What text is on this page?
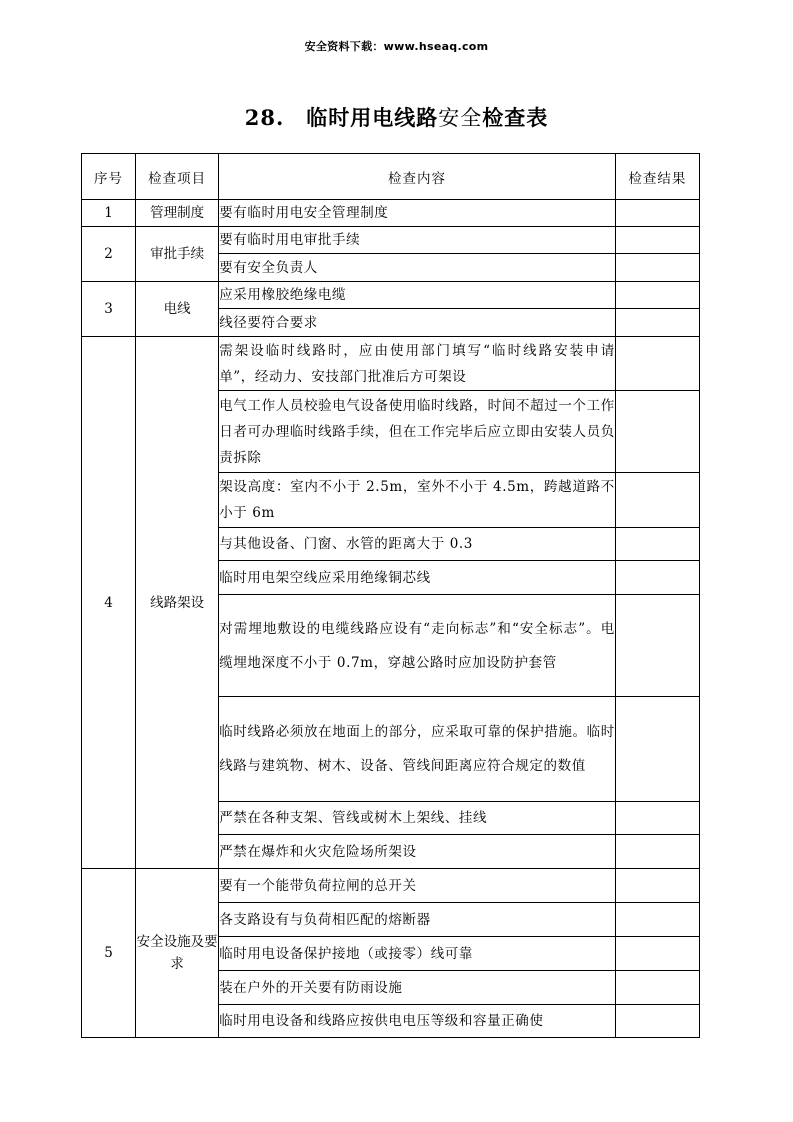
安全资料下载：www.hseaq.com
28. 临时用电线路安全检查表
序号	检查项目	检查内容	检查结果
1	管理制度	要有临时用电安全管理制度	
2	审批手续	要有临时用电审批手续	
		要有安全负责人	
3	电线	应采用橡胶绝缘电缆	
		线径要符合要求	
4	线路架设	需架设临时线路时，应由使用部门填写“临时线路安装申请单”，经动力、安技部门批准后方可架设	
		电气工作人员校验电气设备使用临时线路，时间不超过一个工作日者可办理临时线路手续，但在工作完毕后应立即由安装人员负责拆除	
		架设高度：室内不小于 2.5m，室外不小于 4.5m，跨越道路不小于 6m	
		与其他设备、门窗、水管的距离大于 0.3	
		临时用电架空线应采用绝缘铜芯线	
		对需埋地敷设的电缆线路应设有“走向标志”和“安全标志”。电缆埋地深度不小于 0.7m，穿越公路时应加设防护套管	
		临时线路必须放在地面上的部分，应采取可靠的保护措施。临时线路与建筑物、树木、设备、管线间距离应符合规定的数值	
		严禁在各种支架、管线或树木上架线、挂线	
		严禁在爆炸和火灾危险场所架设	
5	安全设施及要求	要有一个能带负荷拉闸的总开关	
		各支路设有与负荷相匹配的熔断器	
		临时用电设备保护接地（或接零）线可靠	
		装在户外的开关要有防雨设施	
		临时用电设备和线路应按供电电压等级和容量正确使	
